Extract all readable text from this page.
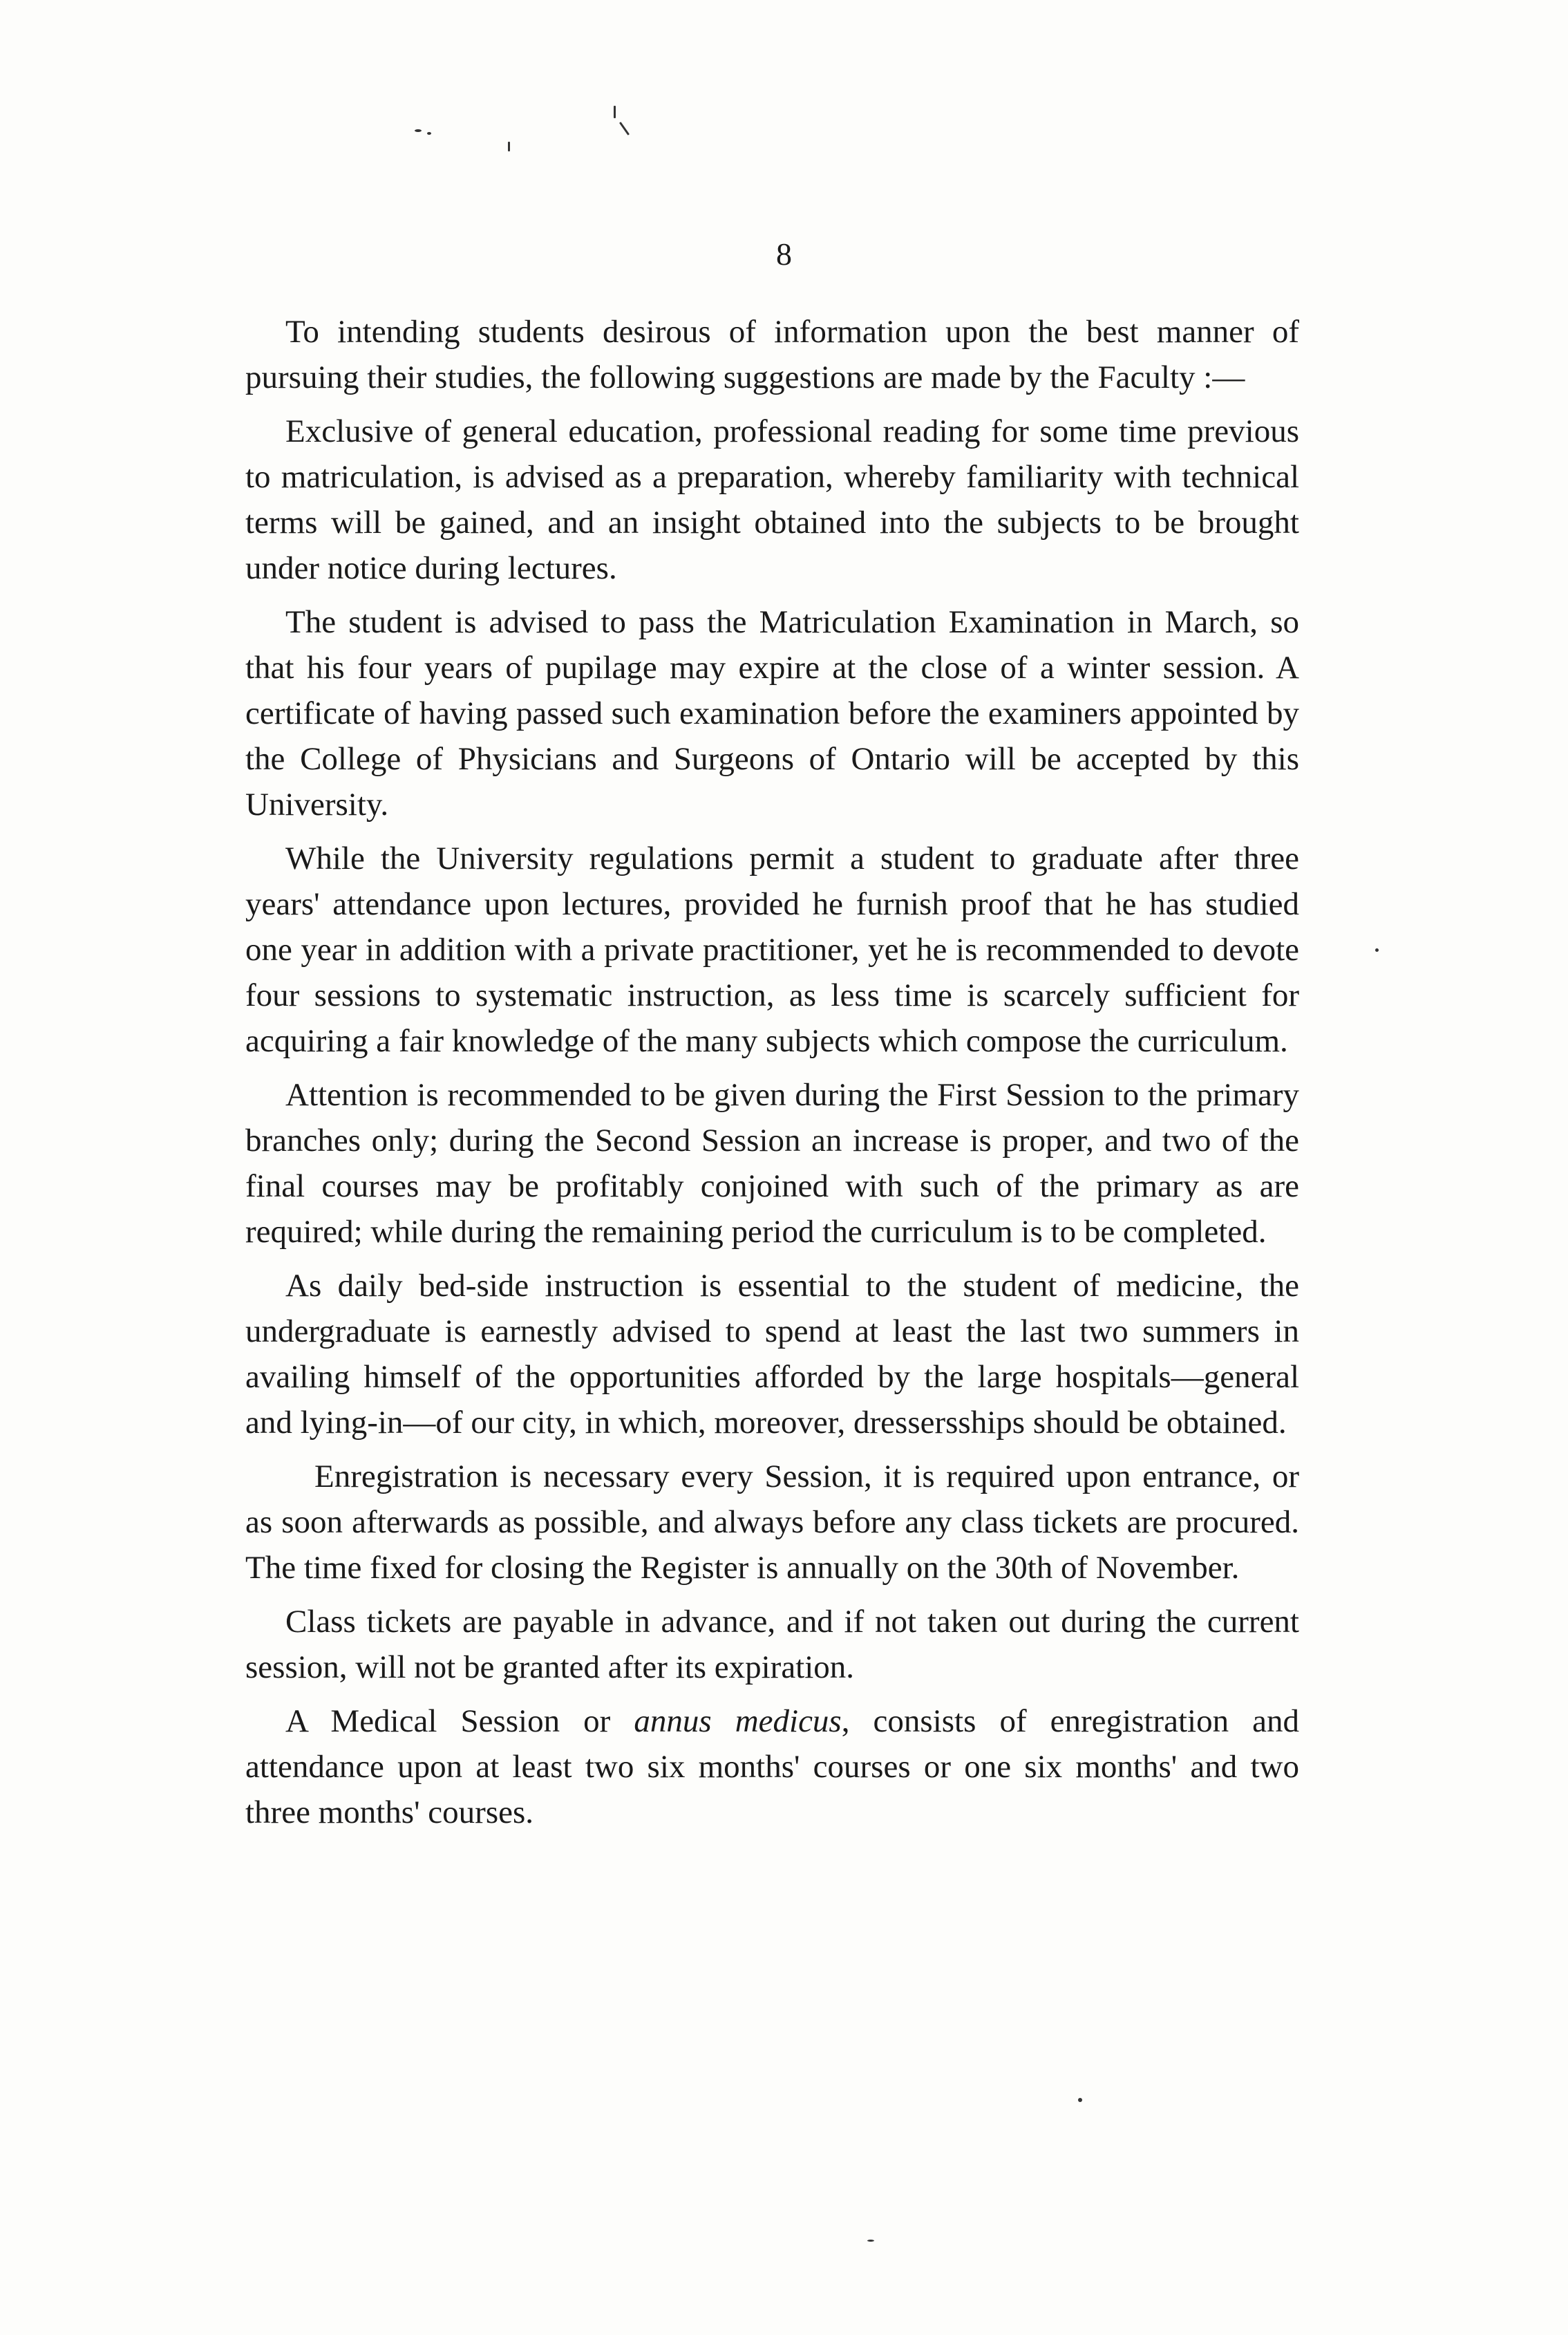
8

To intending students desirous of information upon the best manner of pursuing their studies, the following suggestions are made by the Faculty :—

Exclusive of general education, professional reading for some time previous to matriculation, is advised as a preparation, whereby familiarity with technical terms will be gained, and an insight obtained into the subjects to be brought under notice during lectures.

The student is advised to pass the Matriculation Examination in March, so that his four years of pupilage may expire at the close of a winter session. A certificate of having passed such examination before the examiners appointed by the College of Physicians and Surgeons of Ontario will be accepted by this University.

While the University regulations permit a student to graduate after three years' attendance upon lectures, provided he furnish proof that he has studied one year in addition with a private practitioner, yet he is recommended to devote four sessions to systematic instruction, as less time is scarcely sufficient for acquiring a fair knowledge of the many subjects which compose the curriculum.

Attention is recommended to be given during the First Session to the primary branches only; during the Second Session an increase is proper, and two of the final courses may be profitably conjoined with such of the primary as are required; while during the remaining period the curriculum is to be completed.

As daily bed-side instruction is essential to the student of medicine, the undergraduate is earnestly advised to spend at least the last two summers in availing himself of the opportunities afforded by the large hospitals—general and lying-in—of our city, in which, moreover, dressersships should be obtained.

Enregistration is necessary every Session, it is required upon entrance, or as soon afterwards as possible, and always before any class tickets are procured. The time fixed for closing the Register is annually on the 30th of November.

Class tickets are payable in advance, and if not taken out during the current session, will not be granted after its expiration.

A Medical Session or annus medicus, consists of enregistration and attendance upon at least two six months' courses or one six months' and two three months' courses.
